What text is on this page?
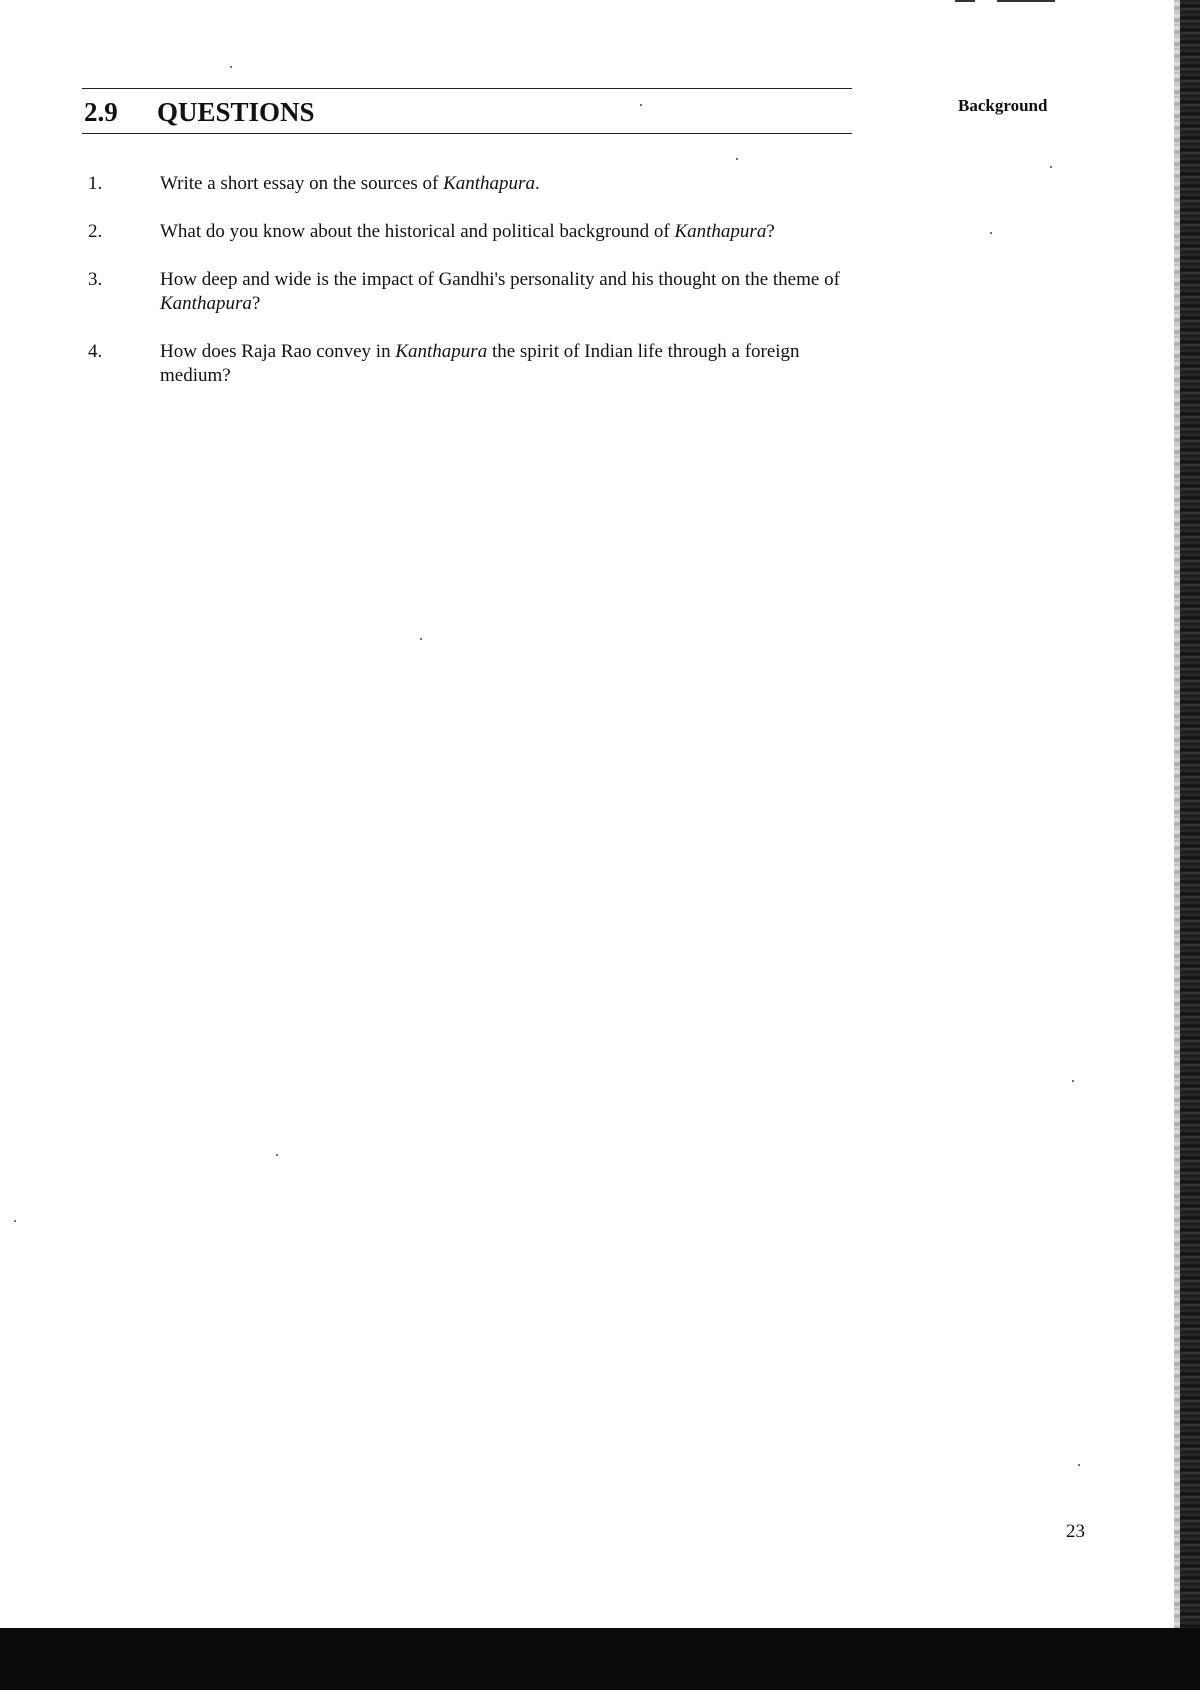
2.9 QUESTIONS	Background
1.	Write a short essay on the sources of Kanthapura.
2.	What do you know about the historical and political background of Kanthapura?
3.	How deep and wide is the impact of Gandhi's personality and his thought on the theme of Kanthapura?
4.	How does Raja Rao convey in Kanthapura the spirit of Indian life through a foreign medium?
23
